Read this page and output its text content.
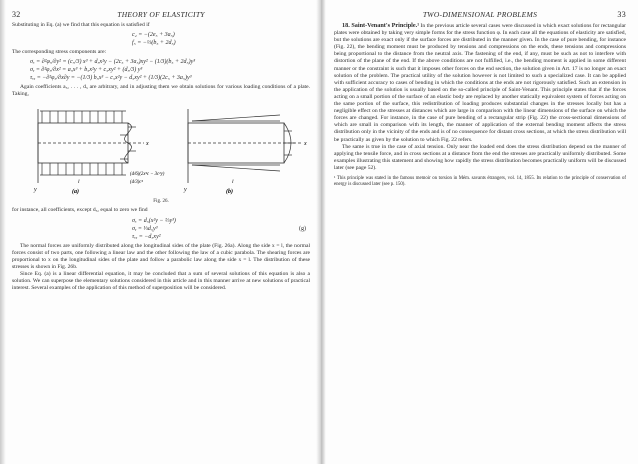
32	THEORY OF ELASTICITY

Substituting in Eq. (a) we find that this equation is satisfied if

c₄ = −(2e₅ + 3a₅)

f₅ = −⅓(b₅ + 2d₅)

The corresponding stress components are:

σₓ = ∂²φ₅/∂y² = (c₅/3) x³ + d₅x²y − (2c₅ + 3a₅)xy² − (1/3)(b₅ + 2d₅)y³

σᵧ = ∂²φ₅/∂x² = a₅x³ + b₅x²y + c₅xy² + (d₅/3) y³

τₓᵧ = −∂²φ₅/∂x∂y = −(1/3) b₅x³ − c₅x²y − d₅xy² + (1/3)(2c₅ + 3a₅)y³

Again coefficients a₅, . . . , d₅ are arbitrary, and in adjusting them we obtain solutions for various loading conditions of a plate. Taking,

x
y
l
(a)
(d/6)(2x³c − 3c²y)
(d/3)c²
x
y
l
(b)

Fig. 26.

for instance, all coefficients, except d₅, equal to zero we find

σₓ = d₅(x²y − ⅔y³)

σᵧ = ⅓d₅y³	(g)

τₓᵧ = −d₅xy²

The normal forces are uniformly distributed along the longitudinal sides of the plate (Fig. 26a). Along the side x = l, the normal forces consist of two parts, one following a linear law and the other following the law of a cubic parabola. The shearing forces are proportional to x on the longitudinal sides of the plate and follow a parabolic law along the side x = l. The distribution of these stresses is shown in Fig. 26b.

Since Eq. (a) is a linear differential equation, it may be concluded that a sum of several solutions of this equation is also a solution. We can superpose the elementary solutions considered in this article and in this manner arrive at new solutions of practical interest. Several examples of the application of this method of superposition will be considered.

TWO-DIMENSIONAL PROBLEMS	33

18. Saint-Venant's Principle.¹ In the previous article several cases were discussed in which exact solutions for rectangular plates were obtained by taking very simple forms for the stress function φ. In each case all the equations of elasticity are satisfied, but the solutions are exact only if the surface forces are distributed in the manner given. In the case of pure bending, for instance (Fig. 22), the bending moment must be produced by tensions and compressions on the ends, these tensions and compressions being proportional to the distance from the neutral axis. The fastening of the end, if any, must be such as not to interfere with distortion of the plane of the end. If the above conditions are not fulfilled, i.e., the bending moment is applied in some different manner or the constraint is such that it imposes other forces on the end section, the solution given in Art. 17 is no longer an exact solution of the problem. The practical utility of the solution however is not limited to such a specialized case. It can be applied with sufficient accuracy to cases of bending in which the conditions at the ends are not rigorously satisfied. Such an extension in the application of the solution is usually based on the so-called principle of Saint-Venant. This principle states that if the forces acting on a small portion of the surface of an elastic body are replaced by another statically equivalent system of forces acting on the same portion of the surface, this redistribution of loading produces substantial changes in the stresses locally but has a negligible effect on the stresses at distances which are large in comparison with the linear dimensions of the surface on which the forces are changed. For instance, in the case of pure bending of a rectangular strip (Fig. 22) the cross-sectional dimensions of which are small in comparison with its length, the manner of application of the external bending moment affects the stress distribution only in the vicinity of the ends and is of no consequence for distant cross sections, at which the stress distribution will be practically as given by the solution to which Fig. 22 refers.

The same is true in the case of axial tension. Only near the loaded end does the stress distribution depend on the manner of applying the tensile force, and in cross sections at a distance from the end the stresses are practically uniformly distributed. Some examples illustrating this statement and showing how rapidly the stress distribution becomes practically uniform will be discussed later (see page 52).

¹ This principle was stated in the famous memoir on torsion in Mém. savants étrangers, vol. 14, 1855. Its relation to the principle of conservation of energy is discussed later (see p. 150).
